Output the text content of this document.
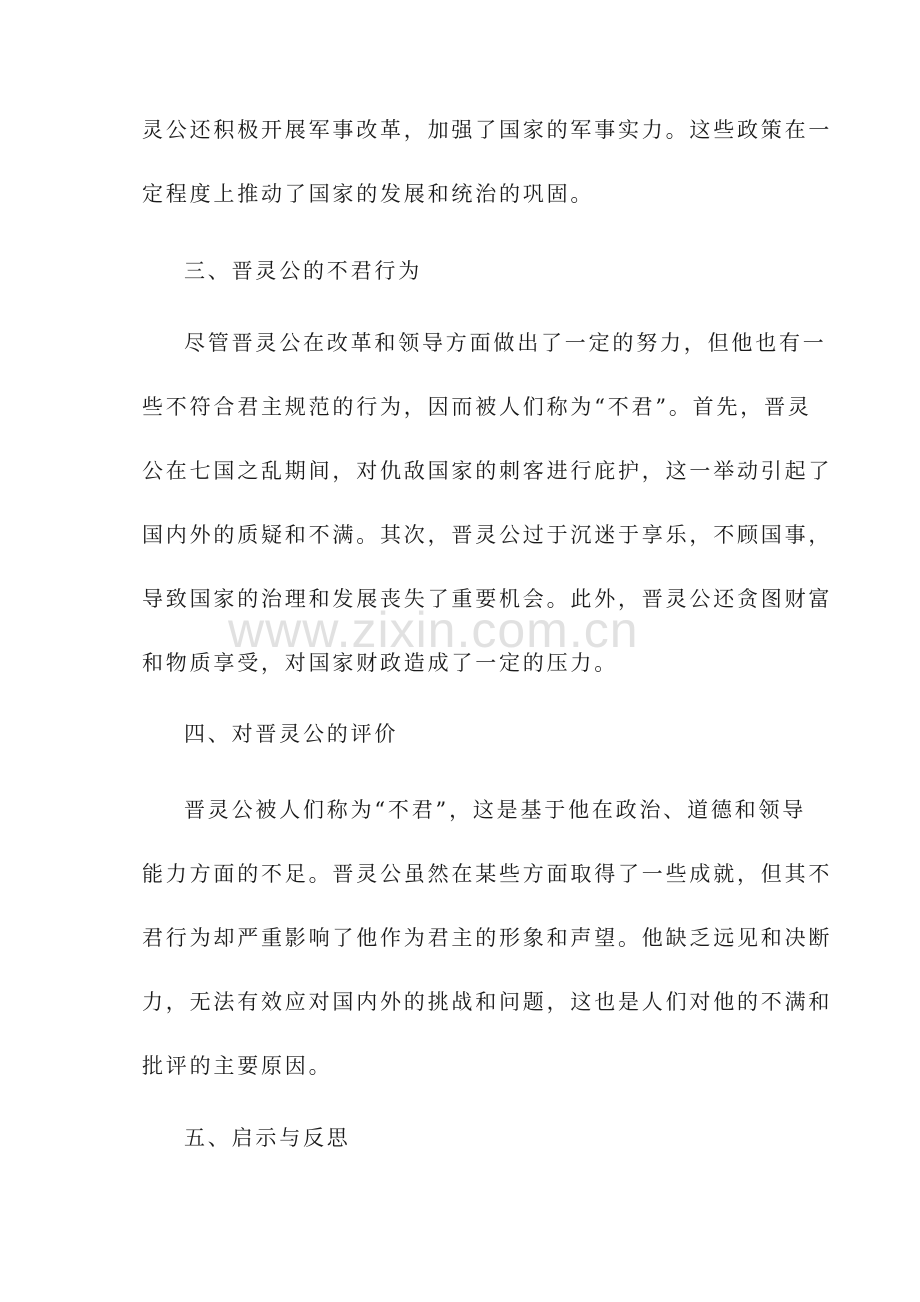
灵公还积极开展军事改革，加强了国家的军事实力。这些政策在一
定程度上推动了国家的发展和统治的巩固。
三、晋灵公的不君行为
尽管晋灵公在改革和领导方面做出了一定的努力，但他也有一
些不符合君主规范的行为，因而被人们称为“不君”。首先，晋灵
公在七国之乱期间，对仇敌国家的刺客进行庇护，这一举动引起了
国内外的质疑和不满。其次，晋灵公过于沉迷于享乐，不顾国事，
导致国家的治理和发展丧失了重要机会。此外，晋灵公还贪图财富
和物质享受，对国家财政造成了一定的压力。
四、对晋灵公的评价
晋灵公被人们称为“不君”，这是基于他在政治、道德和领导
能力方面的不足。晋灵公虽然在某些方面取得了一些成就，但其不
君行为却严重影响了他作为君主的形象和声望。他缺乏远见和决断
力，无法有效应对国内外的挑战和问题，这也是人们对他的不满和
批评的主要原因。
五、启示与反思
www.zixin.com.cn
